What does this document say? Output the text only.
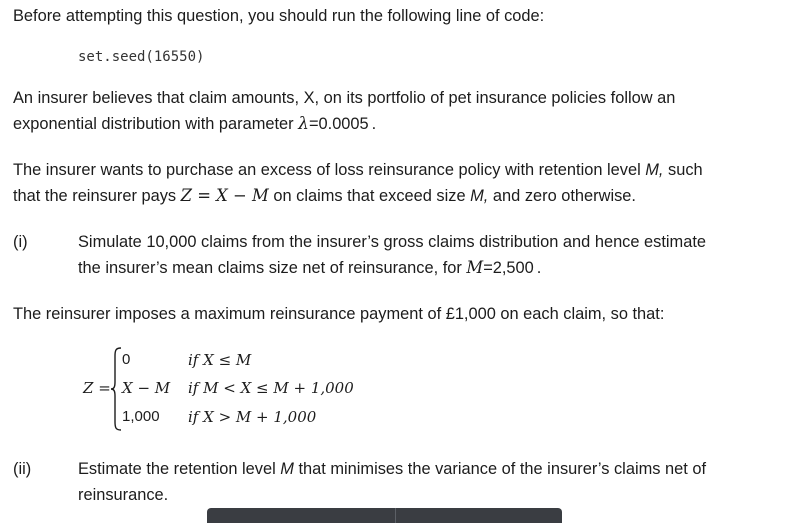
Before attempting this question, you should run the following line of code:
set.seed(16550)
An insurer believes that claim amounts, X, on its portfolio of pet insurance policies follow an
exponential distribution with parameter λ=0.0005 .
The insurer wants to purchase an excess of loss reinsurance policy with retention level M, such
that the reinsurer pays Z = X − M on claims that exceed size M, and zero otherwise.
(i)	Simulate 10,000 claims from the insurer’s gross claims distribution and hence estimate
the insurer’s mean claims size net of reinsurance, for M=2,500 .
The reinsurer imposes a maximum reinsurance payment of £1,000 on each claim, so that:
Z =
0	if X ≤ M
X − M if M < X ≤ M + 1,000
1,000 if X > M + 1,000
(ii)	Estimate the retention level M that minimises the variance of the insurer’s claims net of
reinsurance.
